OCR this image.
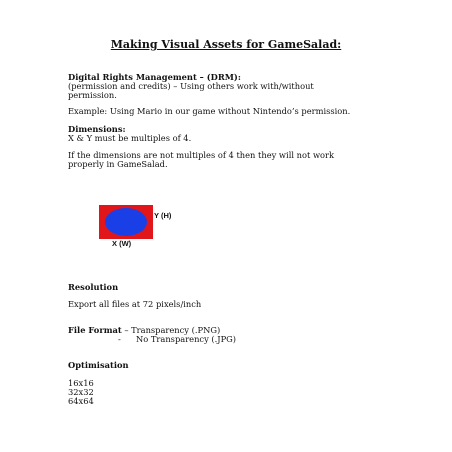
Making Visual Assets for GameSalad:
Digital Rights Management – (DRM):
(permission and credits) – Using others work with/without
permission.
Example: Using Mario in our game without Nintendo’s permission.
Dimensions:
X & Y must be multiples of 4.
If the dimensions are not multiples of 4 then they will not work
properly in GameSalad.
Y (H)
X (W)
Resolution
Export all files at 72 pixels/inch
File Format – Transparency (.PNG)
- No Transparency (.JPG)
Optimisation
16x16
32x32
64x64
